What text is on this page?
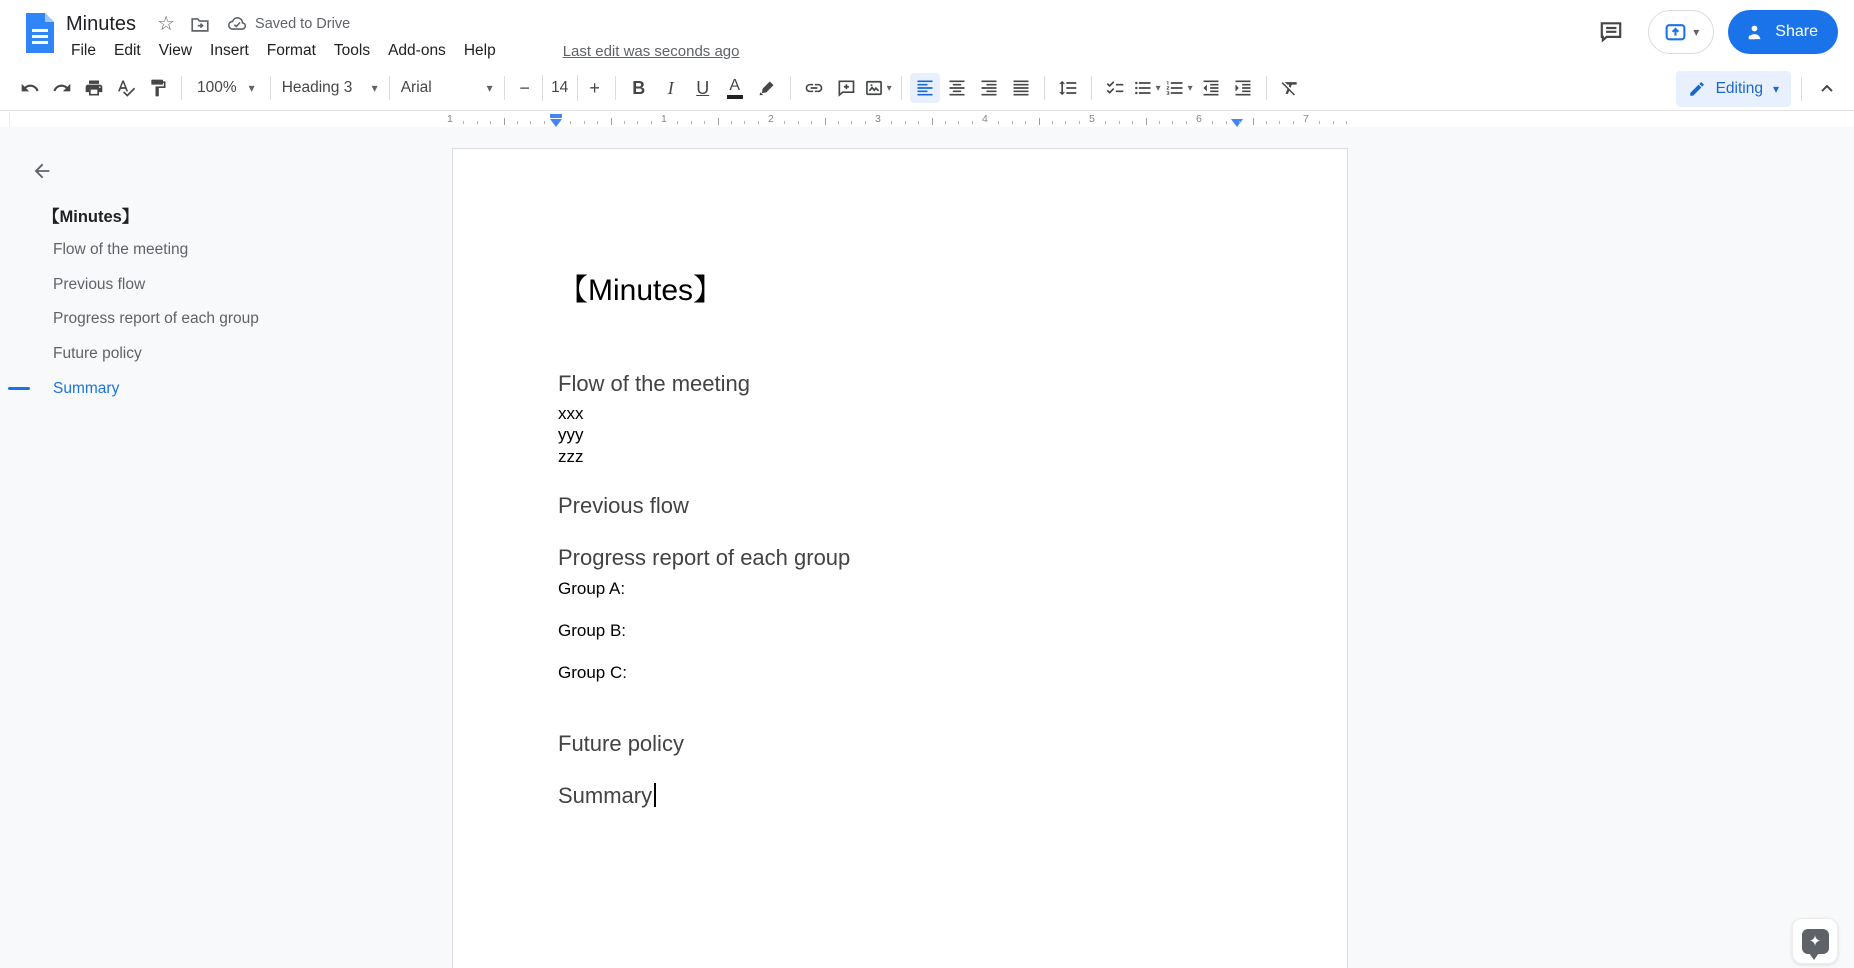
Minutes ☆	Saved to Drive
File	Edit	View	Insert	Format	Tools	Add-ons	Help	Last edit was seconds ago
▾	Share
100% ▾ Heading 3 ▾ Arial	▾	−	14	+	B I U A	▾	▾	▾	Editing ▾
1	1	2	3	4	5	6	7
【Minutes】
Flow of the meeting
Previous flow
Progress report of each group
Future policy
Summary
【Minutes】
Flow of the meeting
xxx
yyy
zzz
Previous flow
Progress report of each group
Group A:
Group B:
Group C:
Future policy
Summary
✦
